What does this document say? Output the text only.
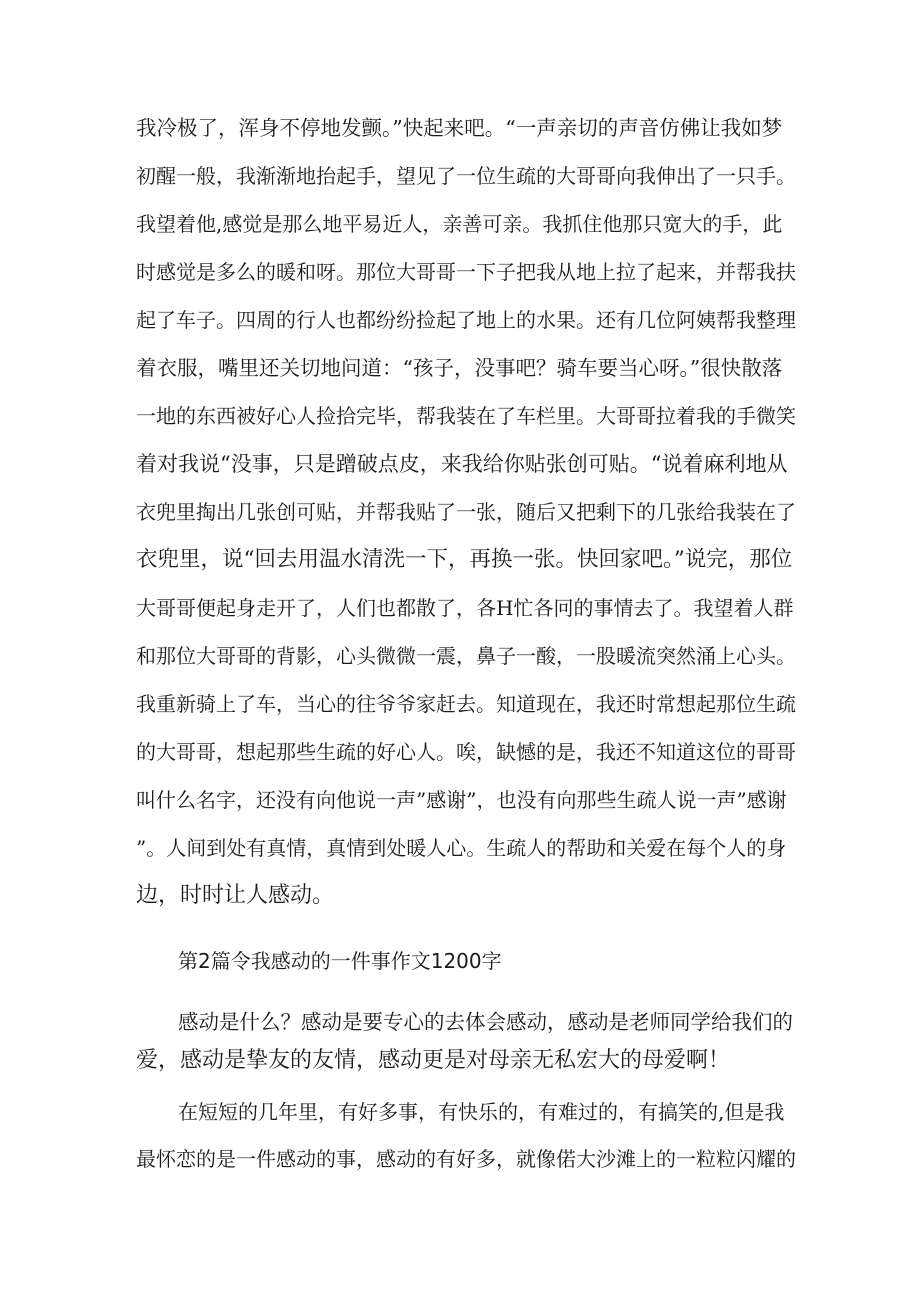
我冷极了，浑身不停地发颤。”快起来吧。“一声亲切的声音仿佛让我如梦
初醒一般，我渐渐地抬起手，望见了一位生疏的大哥哥向我伸出了一只手。
我望着他,感觉是那么地平易近人，亲善可亲。我抓住他那只宽大的手，此
时感觉是多么的暖和呀。那位大哥哥一下子把我从地上拉了起来，并帮我扶
起了车子。四周的行人也都纷纷捡起了地上的水果。还有几位阿姨帮我整理
着衣服，嘴里还关切地问道：“孩子，没事吧？骑车要当心呀。”很快散落
一地的东西被好心人捡拾完毕，帮我装在了车栏里。大哥哥拉着我的手微笑
着对我说“没事，只是蹭破点皮，来我给你贴张创可贴。“说着麻利地从
衣兜里掏出几张创可贴，并帮我贴了一张，随后又把剩下的几张给我装在了
衣兜里，说“回去用温水清洗一下，再换一张。快回家吧。”说完，那位
大哥哥便起身走开了，人们也都散了，各H忙各冋的事情去了。我望着人群
和那位大哥哥的背影，心头微微一震，鼻子一酸，一股暖流突然涌上心头。
我重新骑上了车，当心的往爷爷家赶去。知道现在，我还时常想起那位生疏
的大哥哥，想起那些生疏的好心人。唉，缺憾的是，我还不知道这位的哥哥
叫什么名字，还没有向他说一声”感谢”，也没有向那些生疏人说一声”感谢
”。人间到处有真情，真情到处暖人心。生疏人的帮助和关爱在每个人的身
边，时时让人感动。
第2篇令我感动的一件事作文1200字
感动是什么？感动是要专心的去体会感动，感动是老师同学给我们的
爱，感动是挚友的友情，感动更是对母亲无私宏大的母爱啊！
在短短的几年里，有好多事，有快乐的，有难过的，有搞笑的,但是我
最怀恋的是一件感动的事，感动的有好多，就像偌大沙滩上的一粒粒闪耀的
